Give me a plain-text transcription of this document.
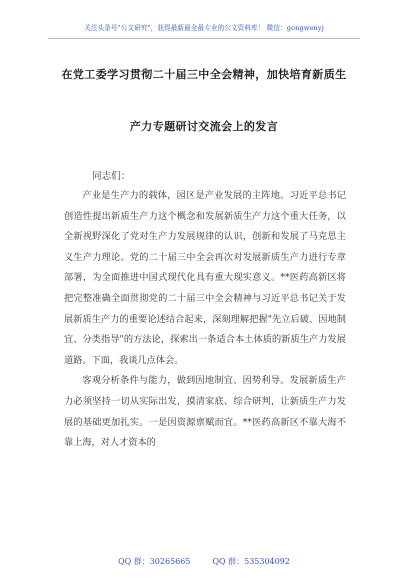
关注头条号"公文研究"，获得最新最全最专业的公文资料库！ 微信：gongwenyj
在党工委学习贯彻二十届三中全会精神，加快培育新质生
产力专题研讨交流会上的发言
同志们：

产业是生产力的载体，园区是产业发展的主阵地。习近平总书记创造性提出新质生产力这个概念和发展新质生产力这个重大任务，以全新视野深化了党对生产力发展规律的认识，创新和发展了马克思主义生产力理论。党的二十届三中全会再次对发展新质生产力进行专章部署，为全面推进中国式现代化具有重大现实意义。**医药高新区将把完整准确全面贯彻党的二十届三中全会精神与习近平总书记关于发展新质生产力的重要论述结合起来，深刻理解把握"先立后破、因地制宜、分类指导"的方法论，探索出一条适合本土体质的新质生产力发展道路。下面，我谈几点体会。

客观分析条件与能力，做到因地制宜、因势利导。发展新质生产力必须坚持一切从实际出发，摸清家底、综合研判，让新质生产力发展的基础更加扎实。一是因资源禀赋而宜。**医药高新区不靠大海不靠上海，对人才资本的

QQ 群：30265665	QQ 群：535304092
